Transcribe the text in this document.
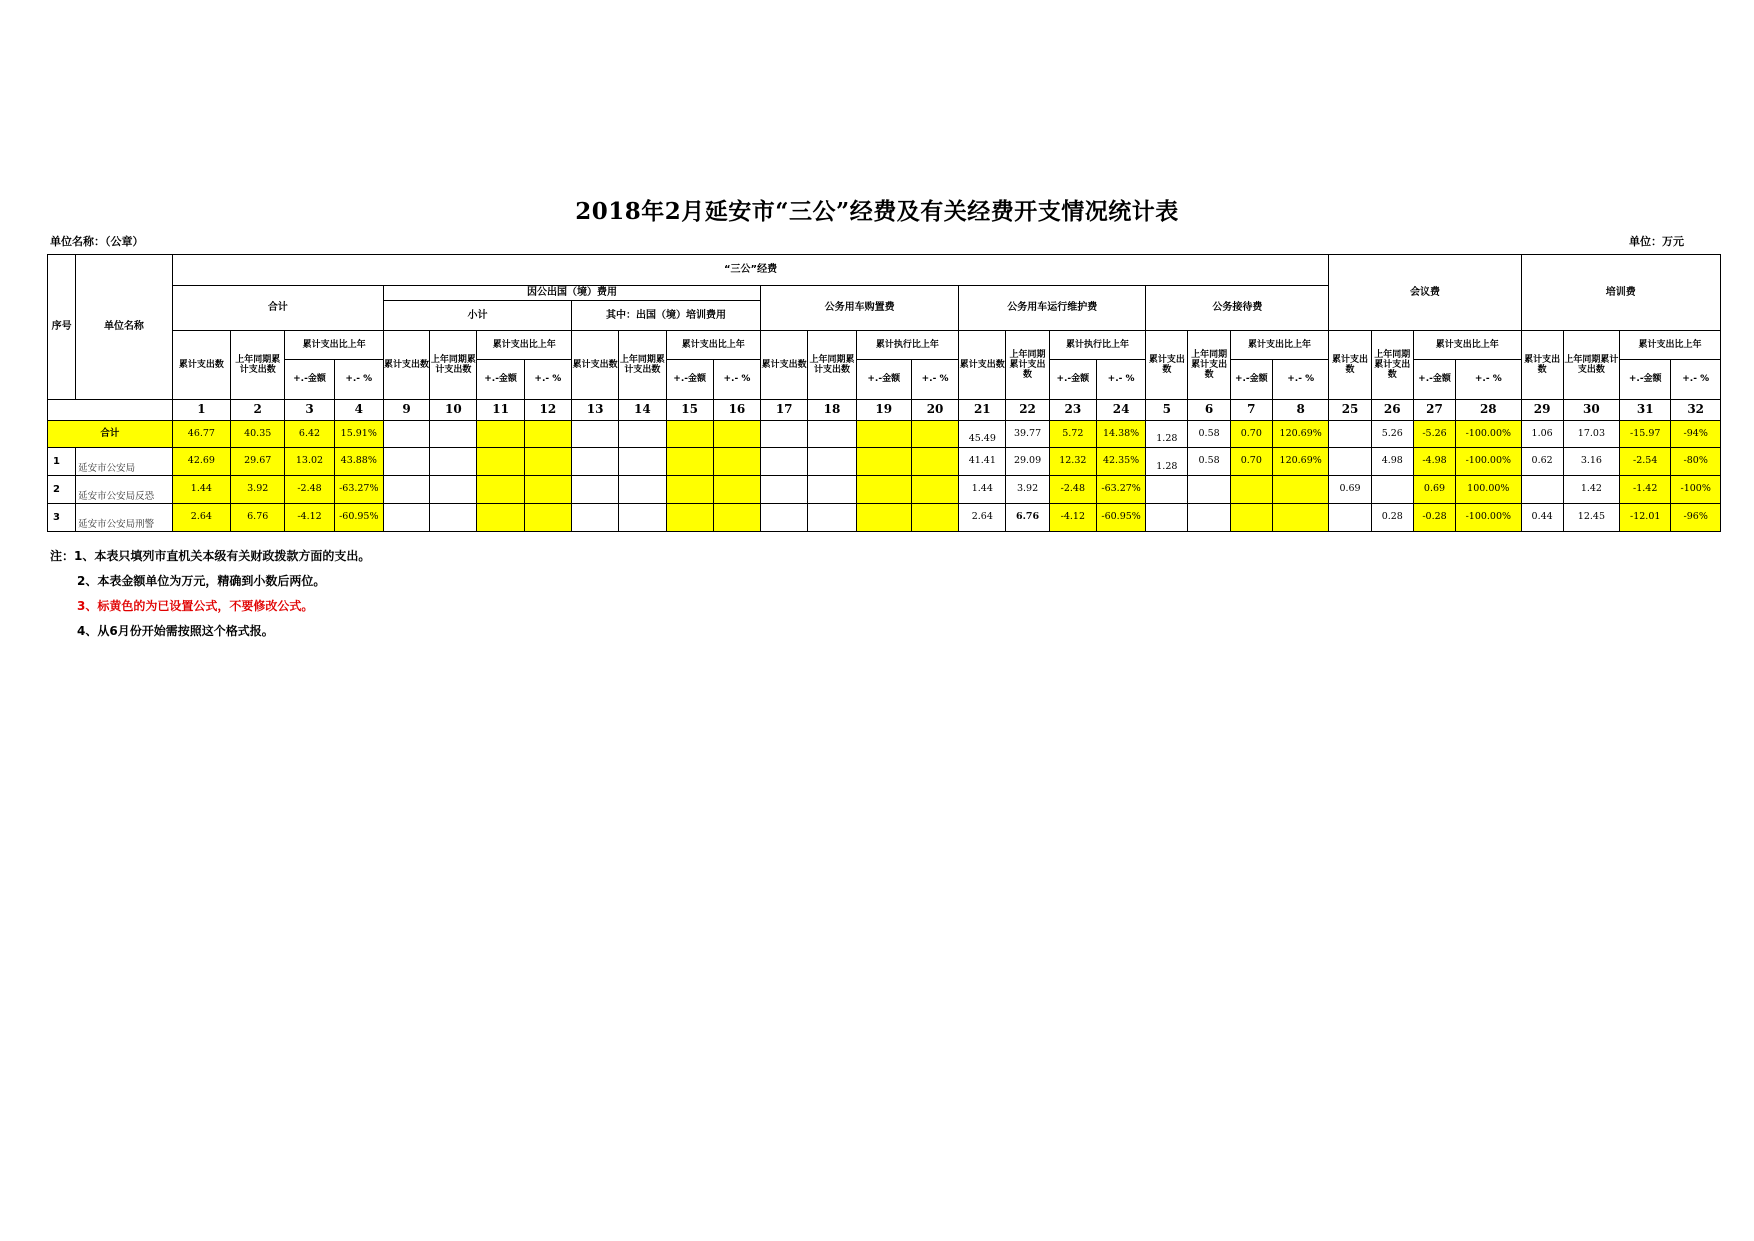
2018年2月延安市“三公”经费及有关经费开支情况统计表
单位名称：（公章）	单位：万元
序号	单位名称	“三公”经费																								会议费				培训费			
		合计				因公出国（境）费用								公务用车购置费				公务用车运行维护费				公务接待费											
						小计				其中：出国（境）培训费用																							
		累计支出数	上年同期累计支出数	累计支出比上年		累计支出数	上年同期累计支出数	累计支出比上年		累计支出数	上年同期累计支出数	累计支出比上年		累计支出数	上年同期累计支出数	累计执行比上年		累计支出数	上年同期累计支出数	累计执行比上年		累计支出数	上年同期累计支出数	累计支出比上年		累计支出数	上年同期累计支出数	累计支出比上年		累计支出数	上年同期累计支出数	累计支出比上年	
				+.-金额	+.- %			+.-金额	+.- %			+.-金额	+.- %			+.-金额	+.- %			+.-金额	+.- %			+.-金额	+.- %			+.-金额	+.- %			+.-金额	+.- %
		1	2	3	4	9	10	11	12	13	14	15	16	17	18	19	20	21	22	23	24	5	6	7	8	25	26	27	28	29	30	31	32
合计		46.77	40.35	6.42	15.91%													45.49	39.77	5.72	14.38%	1.28	0.58	0.70	120.69%		5.26	-5.26	-100.00%	1.06	17.03	-15.97	-94%
1	延安市公安局	42.69	29.67	13.02	43.88%													41.41	29.09	12.32	42.35%	1.28	0.58	0.70	120.69%		4.98	-4.98	-100.00%	0.62	3.16	-2.54	-80%
2	延安市公安局反恐	1.44	3.92	-2.48	-63.27%													1.44	3.92	-2.48	-63.27%					0.69		0.69	100.00%		1.42	-1.42	-100%
3	延安市公安局刑警	2.64	6.76	-4.12	-60.95%													2.64	6.76	-4.12	-60.95%						0.28	-0.28	-100.00%	0.44	12.45	-12.01	-96%
注：1、本表只填列市直机关本级有关财政拨款方面的支出。
2、本表金额单位为万元，精确到小数后两位。
3、标黄色的为已设置公式，不要修改公式。
4、从6月份开始需按照这个格式报。
